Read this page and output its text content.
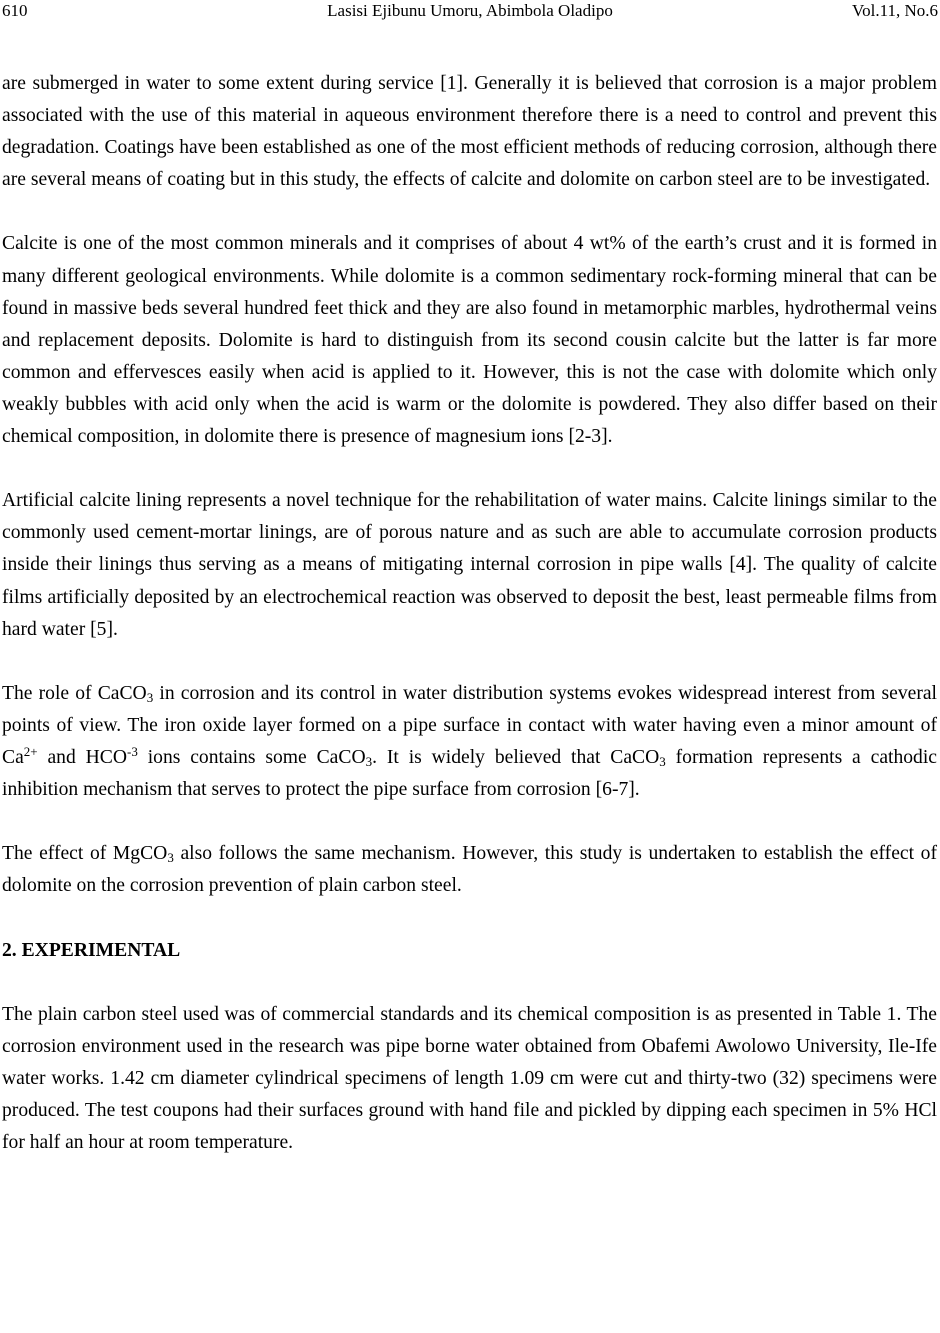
610	Lasisi Ejibunu Umoru, Abimbola Oladipo	Vol.11, No.6

are submerged in water to some extent during service [1]. Generally it is believed that corrosion is a major problem associated with the use of this material in aqueous environment therefore there is a need to control and prevent this degradation. Coatings have been established as one of the most efficient methods of reducing corrosion, although there are several means of coating but in this study, the effects of calcite and dolomite on carbon steel are to be investigated.

Calcite is one of the most common minerals and it comprises of about 4 wt% of the earth’s crust and it is formed in many different geological environments. While dolomite is a common sedimentary rock-forming mineral that can be found in massive beds several hundred feet thick and they are also found in metamorphic marbles, hydrothermal veins and replacement deposits. Dolomite is hard to distinguish from its second cousin calcite but the latter is far more common and effervesces easily when acid is applied to it. However, this is not the case with dolomite which only weakly bubbles with acid only when the acid is warm or the dolomite is powdered. They also differ based on their chemical composition, in dolomite there is presence of magnesium ions [2-3].

Artificial calcite lining represents a novel technique for the rehabilitation of water mains. Calcite linings similar to the commonly used cement-mortar linings, are of porous nature and as such are able to accumulate corrosion products inside their linings thus serving as a means of mitigating internal corrosion in pipe walls [4]. The quality of calcite films artificially deposited by an electrochemical reaction was observed to deposit the best, least permeable films from hard water [5].

The role of CaCO$_3$ in corrosion and its control in water distribution systems evokes widespread interest from several points of view. The iron oxide layer formed on a pipe surface in contact with water having even a minor amount of $Ca^{2+}$ and $HCO^{-3}$ ions contains some CaCO$_3$. It is widely believed that CaCO$_3$ formation represents a cathodic inhibition mechanism that serves to protect the pipe surface from corrosion [6-7].

The effect of MgCO$_3$ also follows the same mechanism. However, this study is undertaken to establish the effect of dolomite on the corrosion prevention of plain carbon steel.

2. EXPERIMENTAL

The plain carbon steel used was of commercial standards and its chemical composition is as presented in Table 1. The corrosion environment used in the research was pipe borne water obtained from Obafemi Awolowo University, Ile-Ife water works. 1.42 cm diameter cylindrical specimens of length 1.09 cm were cut and thirty-two (32) specimens were produced. The test coupons had their surfaces ground with hand file and pickled by dipping each specimen in 5% HCl for half an hour at room temperature.
